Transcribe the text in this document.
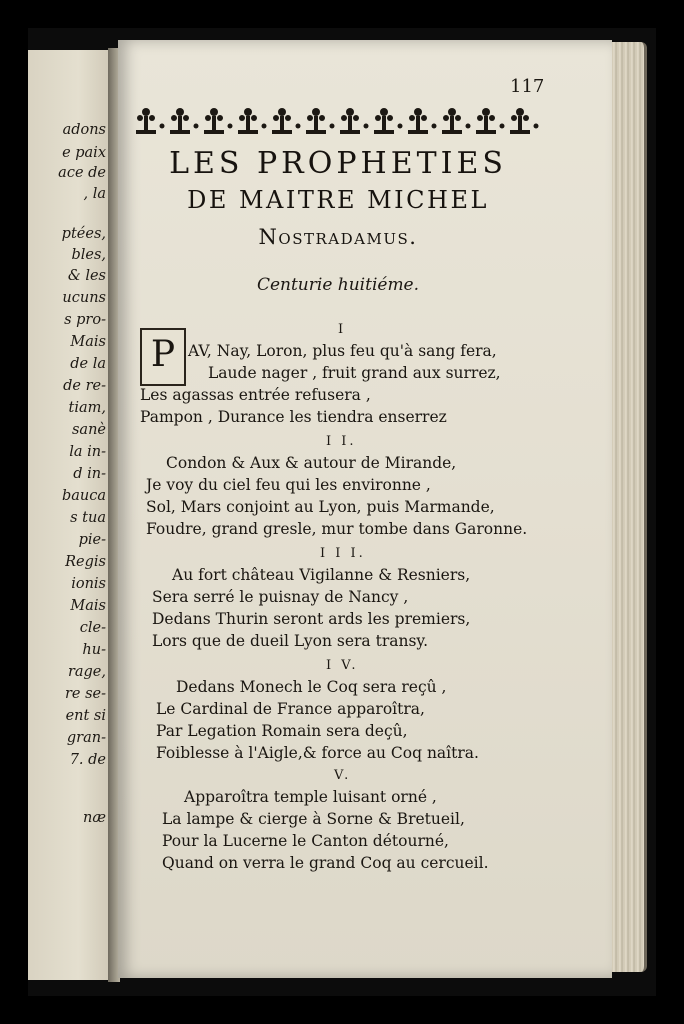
adons
e paix
ace de
, la
ptées,
bles,
& les
ucuns
s pro-
Mais
de la
de re-
tiam,
sanè
la in-
d in-
bauca
s tua
pie-
Regis
ionis
Mais
cle-
hu-
rage,
re se-
ent si
gran-
7. de
næ
117
LES PROPHETIES
DE MAITRE MICHEL
Nostradamus.
Centurie huitiéme.
I
P AV, Nay, Loron, plus feu qu'à sang fera,
Laude nager , fruit grand aux surrez,
Les agassas entrée refusera ,
Pampon , Durance les tiendra enserrez
I I.
Condon & Aux & autour de Mirande,
Je voy du ciel feu qui les environne ,
Sol, Mars conjoint au Lyon, puis Marmande,
Foudre, grand gresle, mur tombe dans Garonne.
I I I.
Au fort château Vigilanne & Resniers,
Sera serré le puisnay de Nancy ,
Dedans Thurin seront ards les premiers,
Lors que de dueil Lyon sera transy.
I V.
Dedans Monech le Coq sera reçû ,
Le Cardinal de France apparoîtra,
Par Legation Romain sera deçû,
Foiblesse à l'Aigle,& force au Coq naîtra.
V.
Apparoîtra temple luisant orné ,
La lampe & cierge à Sorne & Bretueil,
Pour la Lucerne le Canton détourné,
Quand on verra le grand Coq au cercueil.
